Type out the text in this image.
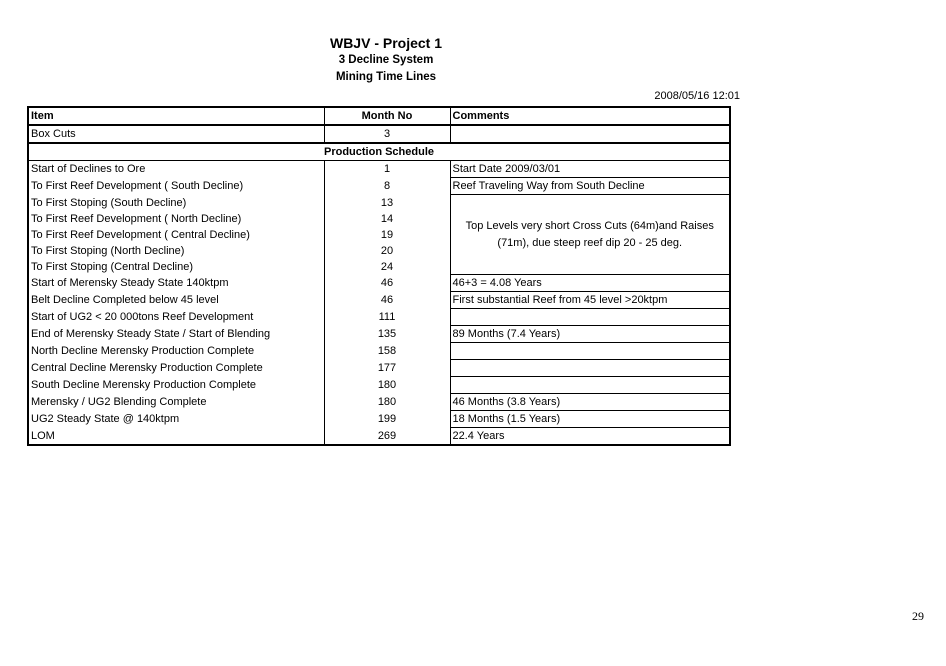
WBJV - Project 1
3 Decline System
Mining Time Lines
2008/05/16 12:01
Item	Month No	Comments
Box Cuts	3	
Production Schedule		
Start of Declines to Ore	1	Start Date 2009/03/01
To First Reef Development ( South Decline)	8	Reef Traveling Way from South Decline
To First Stoping (South Decline)	13	Top Levels very short Cross Cuts (64m)and Raises (71m), due steep reef dip 20 - 25 deg.
To First Reef Development ( North Decline)	14	
To First Reef Development ( Central Decline)	19	
To First Stoping (North Decline)	20	
To First Stoping (Central Decline)	24	
Start of Merensky Steady State 140ktpm	46	46+3 = 4.08 Years
Belt Decline Completed below 45 level	46	First substantial Reef from 45 level >20ktpm
Start of UG2 < 20 000tons Reef Development	111	
End of Merensky Steady State / Start of Blending	135	89 Months (7.4 Years)
North Decline Merensky Production Complete	158	
Central Decline Merensky Production Complete	177	
South Decline Merensky Production Complete	180	
Merensky / UG2 Blending Complete	180	46 Months (3.8 Years)
UG2 Steady State @ 140ktpm	199	18 Months (1.5 Years)
LOM	269	22.4 Years
29
